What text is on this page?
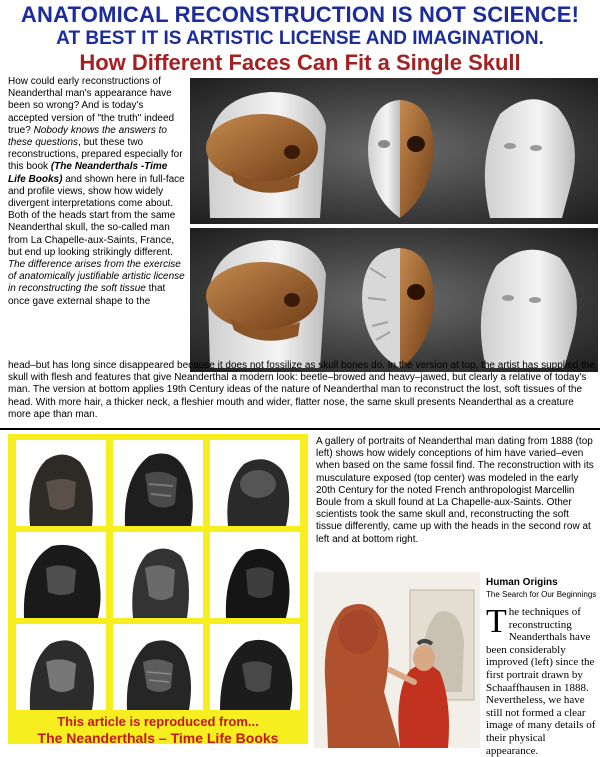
ANATOMICAL RECONSTRUCTION IS NOT SCIENCE!
AT BEST IT IS ARTISTIC LICENSE AND IMAGINATION.
How Different Faces Can Fit a Single Skull
How could early reconstructions of Neanderthal man's appearance have been so wrong? And is today's accepted version of "the truth" indeed true? Nobody knows the answers to these questions, but these two reconstructions, prepared especially for this book (The Neanderthals -Time Life Books) and shown here in full-face and profile views, show how widely divergent interpretations come about. Both of the heads start from the same Neanderthal skull, the so-called man from La Chapelle-aux-Saints, France, but end up looking strikingly different. The difference arises from the exercise of anatomically justifiable artistic license in reconstructing the soft tissue that once gave external shape to the
head–but has long since disappeared because it does not fossilize as skull bones do. In the version at top, the artist has supplied the skull with flesh and features that give Neanderthal a modern look: beetle–browed and heavy–jawed, but clearly a relative of today's man. The version at bottom applies 19th Century ideas of the nature of Neanderthal man to reconstruct the lost, soft tissues of the head. With more hair, a thicker neck, a fleshier mouth and wider, flatter nose, the same skull presents Neanderthal as a creature more ape than man.
This article is reproduced from...
The Neanderthals – Time Life Books
A gallery of portraits of Neanderthal man dating from 1888 (top left) shows how widely conceptions of him have varied–even when based on the same fossil find. The reconstruction with its musculature exposed (top center) was modeled in the early 20th Century for the noted French anthropologist Marcellin Boule from a skull found at La Chapelle-aux-Saints. Other scientists took the same skull and, reconstructing the soft tissue differently, came up with the heads in the second row at left and at bottom right.
Human Origins
The Search for Our Beginnings
The techniques of reconstructing Neanderthals have been considerably improved (left) since the first portrait drawn by Schaaffhausen in 1888. Nevertheless, we have still not formed a clear image of many details of their physical appearance.
